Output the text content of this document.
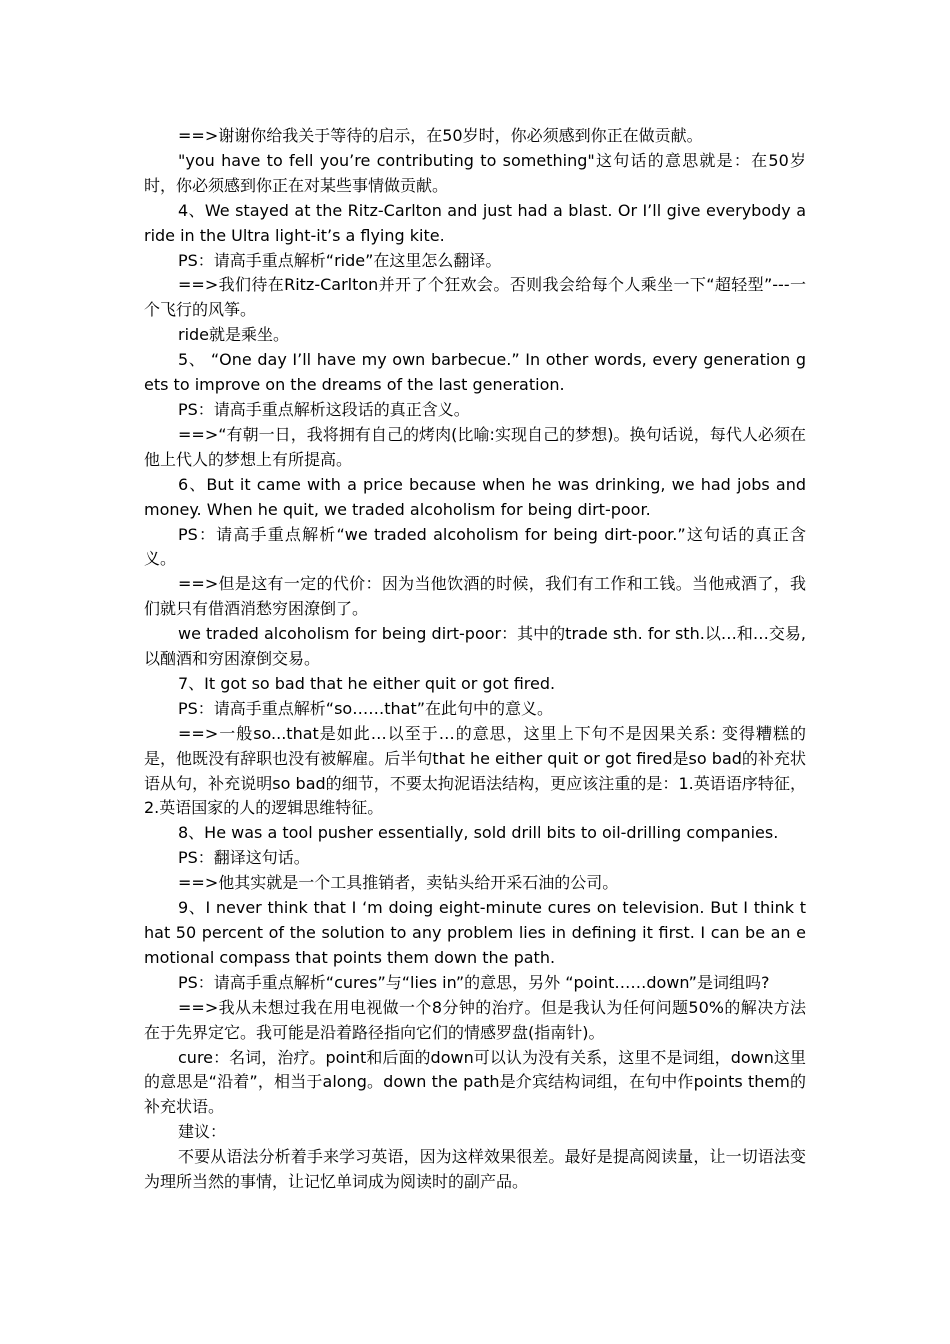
==>谢谢你给我关于等待的启示，在50岁时，你必须感到你正在做贡献。

"you have to fell you’re contributing to something"这句话的意思就是：在50岁时，你必须感到你正在对某些事情做贡献。

4、We stayed at the Ritz-Carlton and just had a blast. Or I’ll give everybody a ride in the Ultra light-it’s a flying kite.

PS：请高手重点解析“ride”在这里怎么翻译。

==>我们待在Ritz-Carlton并开了个狂欢会。否则我会给每个人乘坐一下“超轻型”---一个飞行的风筝。

ride就是乘坐。

5、 “One day I’ll have my own barbecue.” In other words, every generation gets to improve on the dreams of the last generation.

PS：请高手重点解析这段话的真正含义。

==>“有朝一日，我将拥有自己的烤肉(比喻:实现自己的梦想)。换句话说，每代人必须在他上代人的梦想上有所提高。

6、But it came with a price because when he was drinking, we had jobs and money. When he quit, we traded alcoholism for being dirt-poor.

PS：请高手重点解析“we traded alcoholism for being dirt-poor.”这句话的真正含义。

==>但是这有一定的代价：因为当他饮酒的时候，我们有工作和工钱。当他戒酒了，我们就只有借酒消愁穷困潦倒了。

we traded alcoholism for being dirt-poor：其中的trade sth. for sth.以…和…交易,以酗酒和穷困潦倒交易。

7、It got so bad that he either quit or got fired.

PS：请高手重点解析“so……that”在此句中的意义。

==>一般so...that是如此…以至于…的意思，这里上下句不是因果关系: 变得糟糕的是，他既没有辞职也没有被解雇。后半句that he either quit or got fired是so bad的补充状语从句，补充说明so bad的细节，不要太拘泥语法结构，更应该注重的是：1.英语语序特征，2.英语国家的人的逻辑思维特征。

8、He was a tool pusher essentially, sold drill bits to oil-drilling companies.

PS：翻译这句话。

==>他其实就是一个工具推销者，卖钻头给开采石油的公司。

9、I never think that I ‘m doing eight-minute cures on television. But I think that 50 percent of the solution to any problem lies in defining it first. I can be an emotional compass that points them down the path.

PS：请高手重点解析“cures”与“lies in”的意思，另外 “point……down”是词组吗?

==>我从未想过我在用电视做一个8分钟的治疗。但是我认为任何问题50%的解决方法在于先界定它。我可能是沿着路径指向它们的情感罗盘(指南针)。

cure：名词，治疗。point和后面的down可以认为没有关系，这里不是词组，down这里的意思是“沿着”，相当于along。down the path是介宾结构词组，在句中作points them的补充状语。

建议：

不要从语法分析着手来学习英语，因为这样效果很差。最好是提高阅读量，让一切语法变为理所当然的事情，让记忆单词成为阅读时的副产品。
